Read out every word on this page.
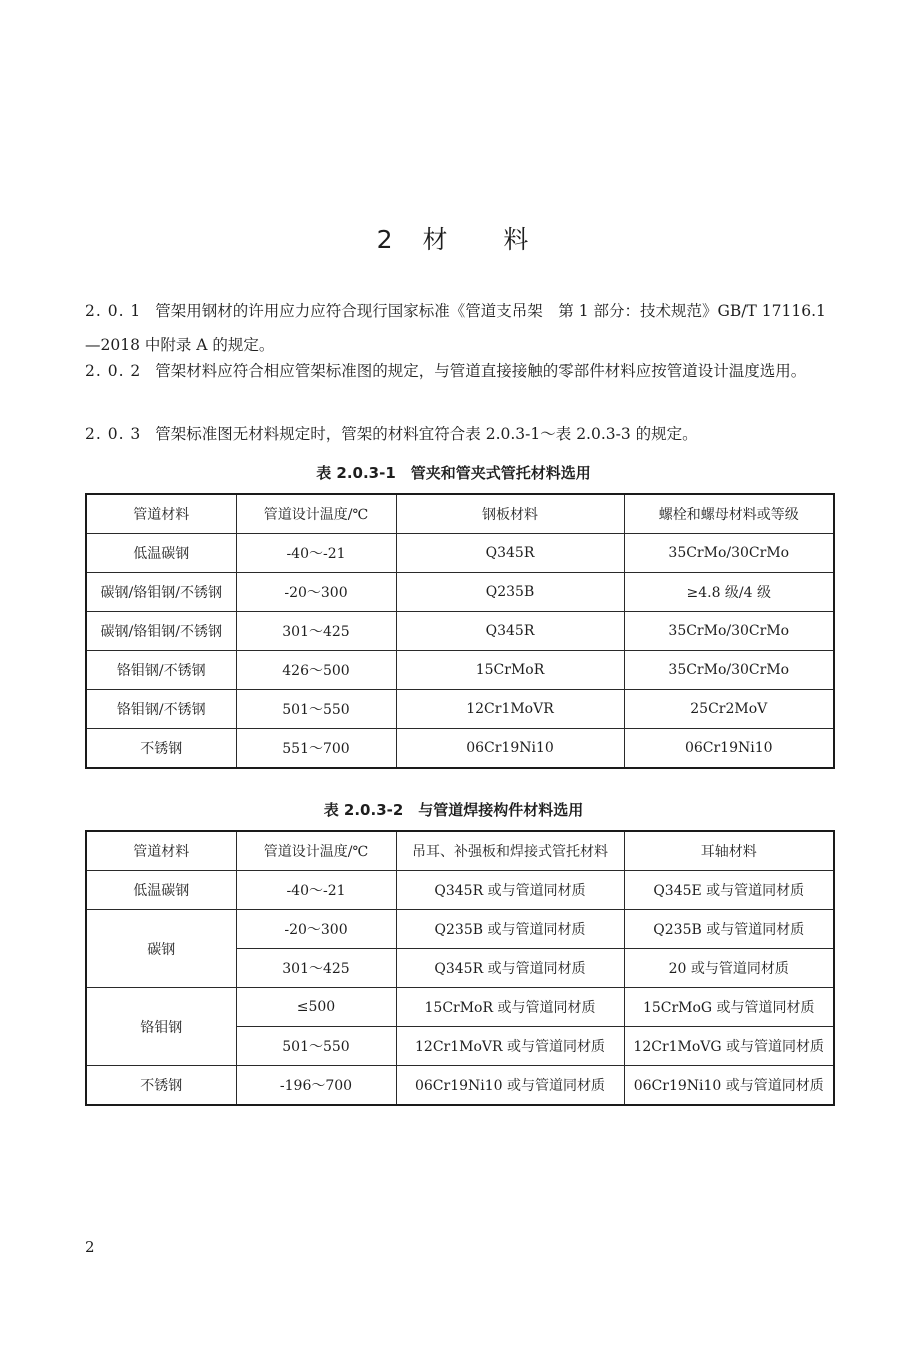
2 材 料
2. 0. 1 管架用钢材的许用应力应符合现行国家标准《管道支吊架　第 1 部分：技术规范》GB/T 17116.1—2018 中附录 A 的规定。
2. 0. 2 管架材料应符合相应管架标准图的规定，与管道直接接触的零部件材料应按管道设计温度选用。
2. 0. 3 管架标准图无材料规定时，管架的材料宜符合表 2.0.3-1～表 2.0.3-3 的规定。
表 2.0.3-1　管夹和管夹式管托材料选用
管道材料	管道设计温度/℃	钢板材料	螺栓和螺母材料或等级
低温碳钢	-40～-21	Q345R	35CrMo/30CrMo
碳钢/铬钼钢/不锈钢	-20～300	Q235B	≥4.8 级/4 级
碳钢/铬钼钢/不锈钢	301～425	Q345R	35CrMo/30CrMo
铬钼钢/不锈钢	426～500	15CrMoR	35CrMo/30CrMo
铬钼钢/不锈钢	501～550	12Cr1MoVR	25Cr2MoV
不锈钢	551～700	06Cr19Ni10	06Cr19Ni10
表 2.0.3-2　与管道焊接构件材料选用
管道材料	管道设计温度/℃	吊耳、补强板和焊接式管托材料	耳轴材料
低温碳钢	-40～-21	Q345R 或与管道同材质	Q345E 或与管道同材质
碳钢	-20～300	Q235B 或与管道同材质	Q235B 或与管道同材质
	301～425	Q345R 或与管道同材质	20 或与管道同材质
铬钼钢	≤500	15CrMoR 或与管道同材质	15CrMoG 或与管道同材质
	501～550	12Cr1MoVR 或与管道同材质	12Cr1MoVG 或与管道同材质
不锈钢	-196～700	06Cr19Ni10 或与管道同材质	06Cr19Ni10 或与管道同材质
2
